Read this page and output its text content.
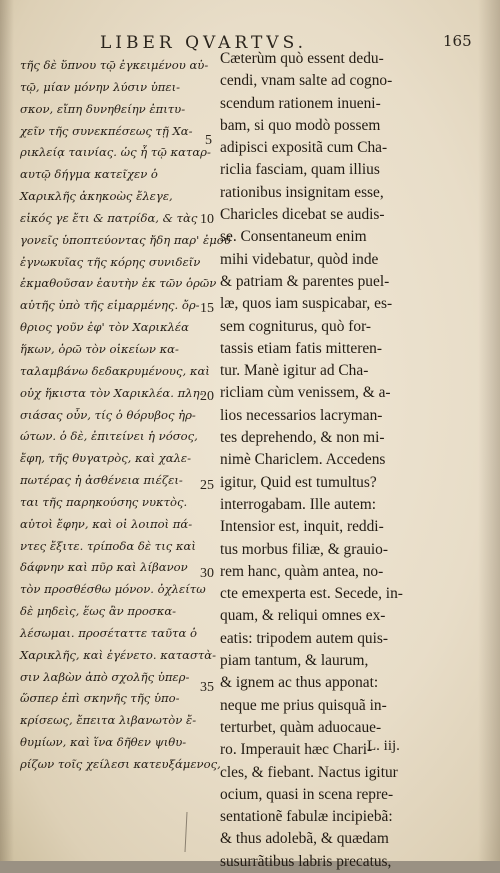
LIBER QVARTVS.	165
τῆς δὲ ὕπνου τῷ ἐγκειμένου αὐ-
τῷ, μίαν μόνην λύσιν ὑπει-
σκον, εἴπη δυνηθείην ἐπιτυ-
χεῖν τῆς συνεκπέσεως τῇ Χα-
ρικλείᾳ ταινίας. ὡς ἦ τῷ καταρ-
αυτῷ δήγμα κατεῖχεν ὁ
Χαρικλῆς ἀκηκοὼς ἔλεγε,
εἰκός γε ἔτι & πατρίδα, & τὰς
γονεῖς ὑποπτεύοντας ἤδη παρ' ἐμοῦ
ἐγνωκυῖας τῆς κόρης συνιδεῖν
ἐκμαθοῦσαν ἑαυτὴν ἐκ τῶν ὁρῶν
αὐτῆς ὑπὸ τῆς εἱμαρμένης. ὄρ-
θριος γοῦν ἐφ' τὸν Χαρικλέα
ἥκων, ὁρῶ τὸν οἰκείων κα-
ταλαμβάνω δεδακρυμένους, καὶ
οὐχ ἥκιστα τὸν Χαρικλέα. πλη-
σιάσας οὖν, τίς ὁ θόρυβος ἠρ-
ώτων. ὁ δὲ, ἐπιτείνει ἡ νόσος,
ἔφη, τῆς θυγατρὸς, καὶ χαλε-
πωτέρας ἡ ἀσθένεια πιέζει-
ται τῆς παρηκούσης νυκτὸς.
αὐτοὶ ἔφην, καὶ οἱ λοιποὶ πά-
ντες ἔξιτε. τρίποδα δὲ τις καὶ
δάφνην καὶ πῦρ καὶ λίβανον
τὸν προσθέσθω μόνον. ὀχλείτω
δὲ μηδεὶς, ἕως ἂν προσκα-
λέσωμαι. προσέταττε ταῦτα ὁ
Χαρικλῆς, καὶ ἐγένετο. καταστὰ-
σιν λαβὼν ἀπὸ σχολῆς ὑπερ-
ὥσπερ ἐπὶ σκηνῆς τῆς ὑπο-
κρίσεως, ἔπειτα λιβανωτὸν ἔ-
θυμίων, καὶ ἵνα δῆθεν ψιθυ-
ρίζων τοῖς χείλεσι κατευξάμενος,
5
10
15
20
25
30
35
Cæterùm quò essent dedu-
cendi, vnam salte ad cogno-
scendum rationem inueni-
bam, si quo modò possem
adipisci expositã cum Cha-
riclia fasciam, quam illius
rationibus insignitam esse,
Charicles dicebat se audis-
se. Consentaneum enim
mihi videbatur, quòd inde
& patriam & parentes puel-
læ, quos iam suspicabar, es-
sem cogniturus, quò for-
tassis etiam fatis mitteren-
tur. Manè igitur ad Cha-
ricliam cùm venissem, & a-
lios necessarios lacryman-
tes deprehendo, & non mi-
nimè Chariclem. Accedens
igitur, Quid est tumultus?
interrogabam. Ille autem:
Intensior est, inquit, reddi-
tus morbus filiæ, & grauio-
rem hanc, quàm antea, no-
cte emexperta est. Secede, in-
quam, & reliqui omnes ex-
eatis: tripodem autem quis-
piam tantum, & laurum,
& ignem ac thus apponat:
neque me prius quisquã in-
terturbet, quàm aduocaue-
ro. Imperauit hæc Chari-
cles, & fiebant. Nactus igitur
ocium, quasi in scena repre-
sentationẽ fabulæ incipiebã:
& thus adolebã, & quædam
susurrãtibus labris precatus,
L. iij.
